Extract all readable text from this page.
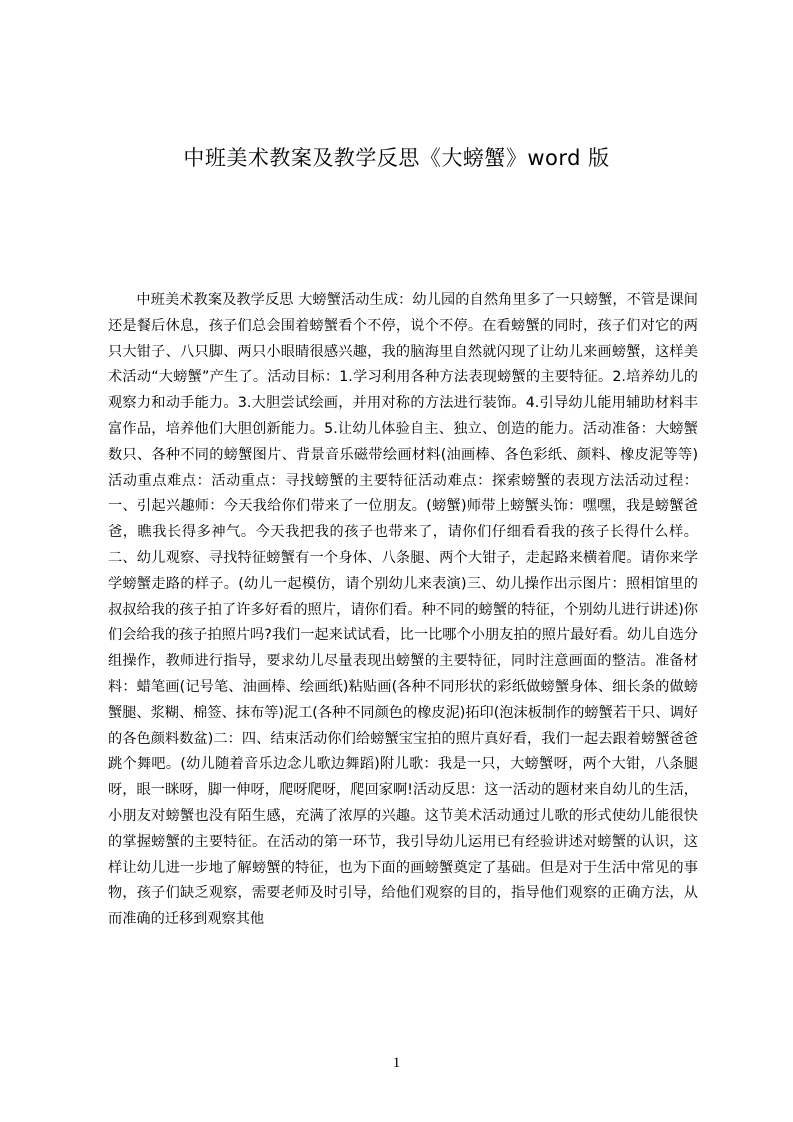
中班美术教案及教学反思《大螃蟹》word 版

中班美术教案及教学反思 大螃蟹活动生成：幼儿园的自然角里多了一只螃蟹，不管是课间还是餐后休息，孩子们总会围着螃蟹看个不停，说个不停。在看螃蟹的同时，孩子们对它的两只大钳子、八只脚、两只小眼睛很感兴趣，我的脑海里自然就闪现了让幼儿来画螃蟹，这样美术活动“大螃蟹”产生了。活动目标：1.学习利用各种方法表现螃蟹的主要特征。2.培养幼儿的观察力和动手能力。3.大胆尝试绘画，并用对称的方法进行装饰。4.引导幼儿能用辅助材料丰富作品，培养他们大胆创新能力。5.让幼儿体验自主、独立、创造的能力。活动准备：大螃蟹数只、各种不同的螃蟹图片、背景音乐磁带绘画材料(油画棒、各色彩纸、颜料、橡皮泥等等)活动重点难点：活动重点：寻找螃蟹的主要特征活动难点：探索螃蟹的表现方法活动过程：一、引起兴趣师：今天我给你们带来了一位朋友。(螃蟹)师带上螃蟹头饰：嘿嘿，我是螃蟹爸爸，瞧我长得多神气。今天我把我的孩子也带来了，请你们仔细看看我的孩子长得什么样。二、幼儿观察、寻找特征螃蟹有一个身体、八条腿、两个大钳子，走起路来横着爬。请你来学学螃蟹走路的样子。(幼儿一起模仿，请个别幼儿来表演)三、幼儿操作出示图片：照相馆里的叔叔给我的孩子拍了许多好看的照片，请你们看。种不同的螃蟹的特征，个别幼儿进行讲述)你们会给我的孩子拍照片吗?我们一起来试试看，比一比哪个小朋友拍的照片最好看。幼儿自选分组操作，教师进行指导，要求幼儿尽量表现出螃蟹的主要特征，同时注意画面的整洁。准备材料：蜡笔画(记号笔、油画棒、绘画纸)粘贴画(各种不同形状的彩纸做螃蟹身体、细长条的做螃蟹腿、浆糊、棉签、抹布等)泥工(各种不同颜色的橡皮泥)拓印(泡沫板制作的螃蟹若干只、调好的各色颜料数盆)二：四、结束活动你们给螃蟹宝宝拍的照片真好看，我们一起去跟着螃蟹爸爸跳个舞吧。(幼儿随着音乐边念儿歌边舞蹈)附儿歌：我是一只，大螃蟹呀，两个大钳，八条腿呀，眼一眯呀，脚一伸呀，爬呀爬呀，爬回家啊!活动反思：这一活动的题材来自幼儿的生活，小朋友对螃蟹也没有陌生感，充满了浓厚的兴趣。这节美术活动通过儿歌的形式使幼儿能很快的掌握螃蟹的主要特征。在活动的第一环节，我引导幼儿运用已有经验讲述对螃蟹的认识，这样让幼儿进一步地了解螃蟹的特征，也为下面的画螃蟹奠定了基础。但是对于生活中常见的事物，孩子们缺乏观察，需要老师及时引导，给他们观察的目的，指导他们观察的正确方法，从而准确的迁移到观察其他

1
